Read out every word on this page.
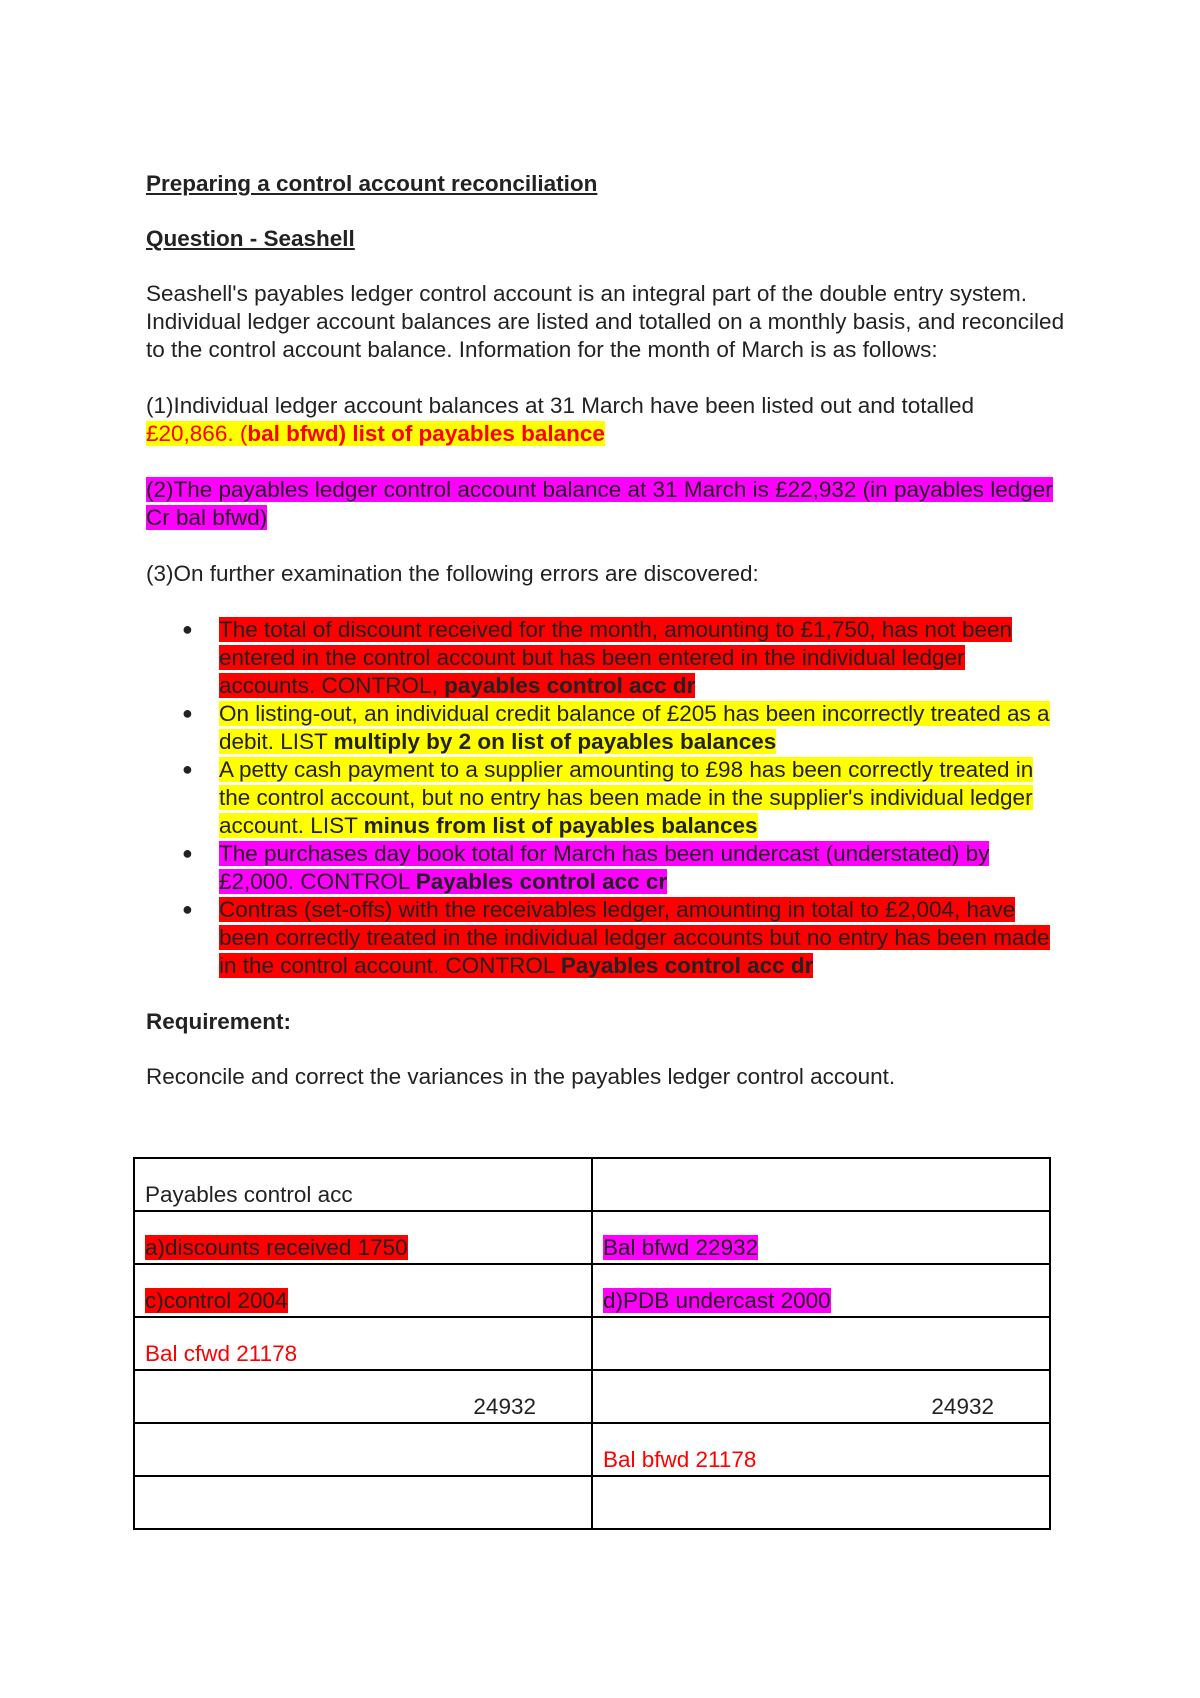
Preparing a control account reconciliation
Question - Seashell

Seashell's payables ledger control account is an integral part of the double entry system. Individual ledger account balances are listed and totalled on a monthly basis, and reconciled to the control account balance. Information for the month of March is as follows:

(1)Individual ledger account balances at 31 March have been listed out and totalled £20,866. (bal bfwd) list of payables balance

(2)The payables ledger control account balance at 31 March is £22,932 (in payables ledger Cr bal bfwd)

(3)On further examination the following errors are discovered:

●
The total of discount received for the month, amounting to £1,750, has not been entered in the control account but has been entered in the individual ledger accounts. CONTROL, payables control acc dr
●
On listing-out, an individual credit balance of £205 has been incorrectly treated as a debit. LIST multiply by 2 on list of payables balances
●
A petty cash payment to a supplier amounting to £98 has been correctly treated in the control account, but no entry has been made in the supplier's individual ledger account. LIST minus from list of payables balances
●
The purchases day book total for March has been undercast (understated) by £2,000. CONTROL Payables control acc cr
●
Contras (set-offs) with the receivables ledger, amounting in total to £2,004, have been correctly treated in the individual ledger accounts but no entry has been made in the control account. CONTROL Payables control acc dr
Requirement:

Reconcile and correct the variances in the payables ledger control account.

Payables control acc	
a)discounts received 1750	Bal bfwd 22932
c)control 2004	d)PDB undercast 2000
Bal cfwd 21178	
24932	24932
	Bal bfwd 21178
